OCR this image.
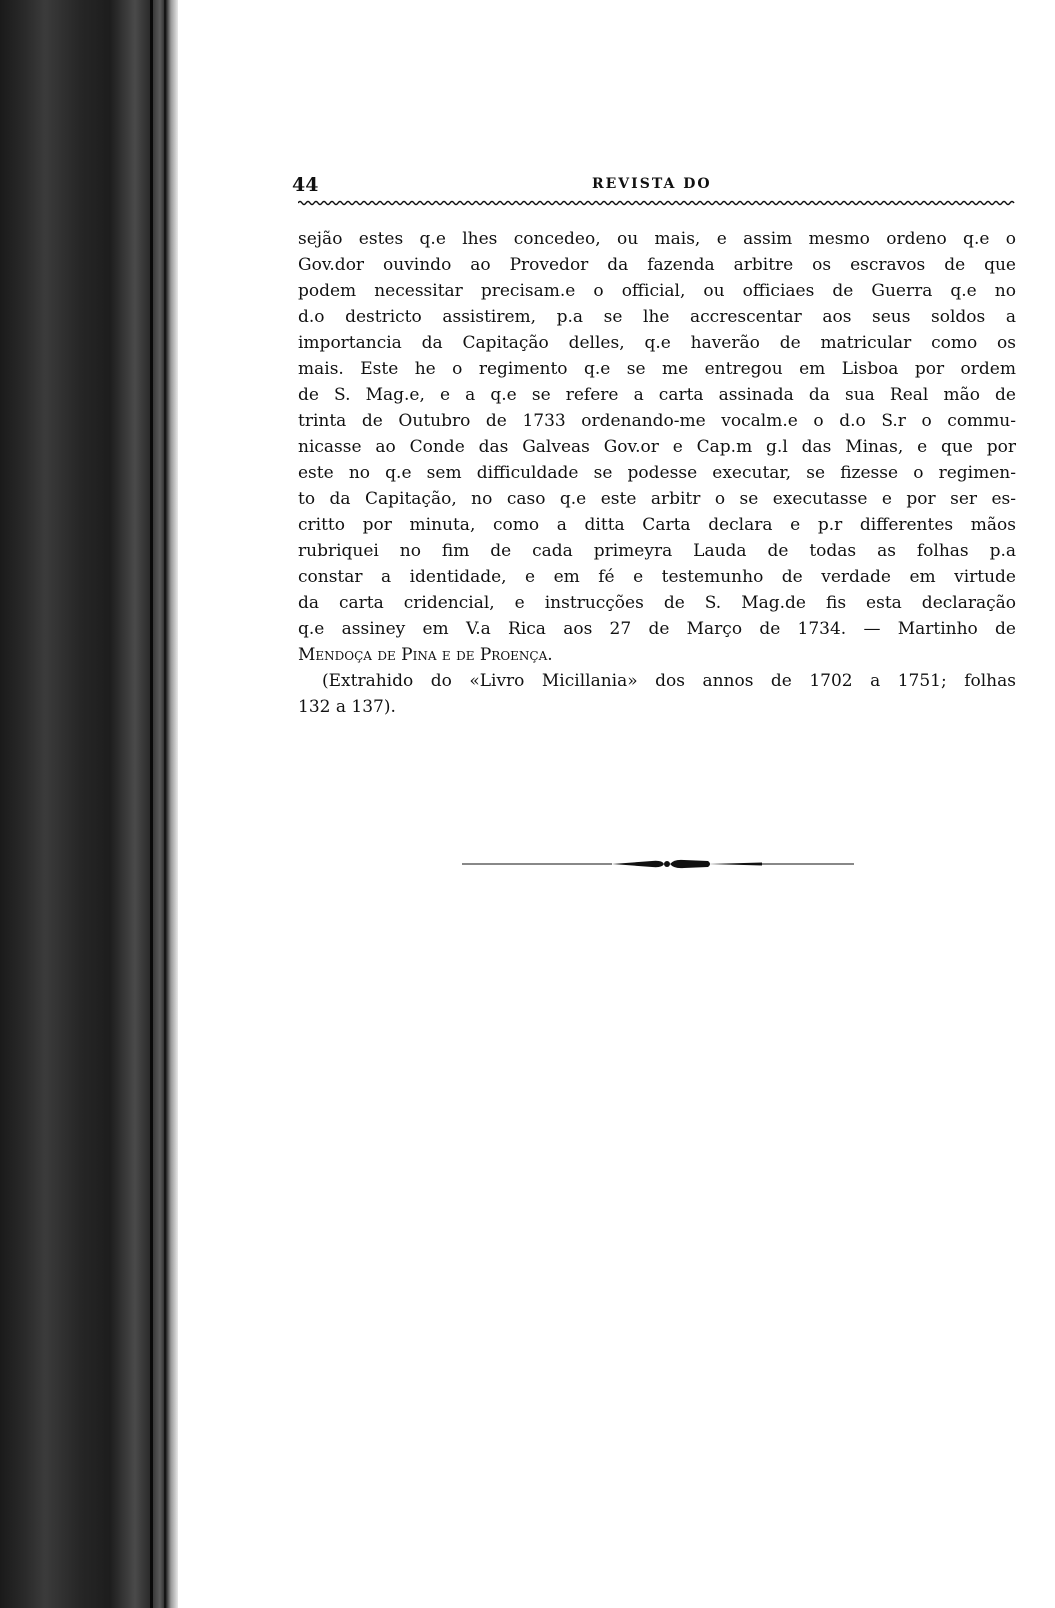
44	REVISTA DO
sejão estes q.e lhes concedeo, ou mais, e assim mesmo ordeno q.e o
Gov.dor ouvindo ao Provedor da fazenda arbitre os escravos de que
podem necessitar precisam.e o official, ou officiaes de Guerra q.e no
d.o destricto assistirem, p.a se lhe accrescentar aos seus soldos a
importancia da Capitação delles, q.e haverão de matricular como os
mais. Este he o regimento q.e se me entregou em Lisboa por ordem
de S. Mag.e, e a q.e se refere a carta assinada da sua Real mão de
trinta de Outubro de 1733 ordenando-me vocalm.e o d.o S.r o commu-
nicasse ao Conde das Galveas Gov.or e Cap.m g.l das Minas, e que por
este no q.e sem difficuldade se podesse executar, se fizesse o regimen-
to da Capitação, no caso q.e este arbitr o se executasse e por ser es-
critto por minuta, como a ditta Carta declara e p.r differentes mãos
rubriquei no fim de cada primeyra Lauda de todas as folhas p.a
constar a identidade, e em fé e testemunho de verdade em virtude
da carta cridencial, e instrucções de S. Mag.de fis esta declaração
q.e assiney em V.a Rica aos 27 de Março de 1734. — Martinho de
Mendoça de Pina e de Proença.
(Extrahido do «Livro Micillania» dos annos de 1702 a 1751; folhas
132 a 137).
